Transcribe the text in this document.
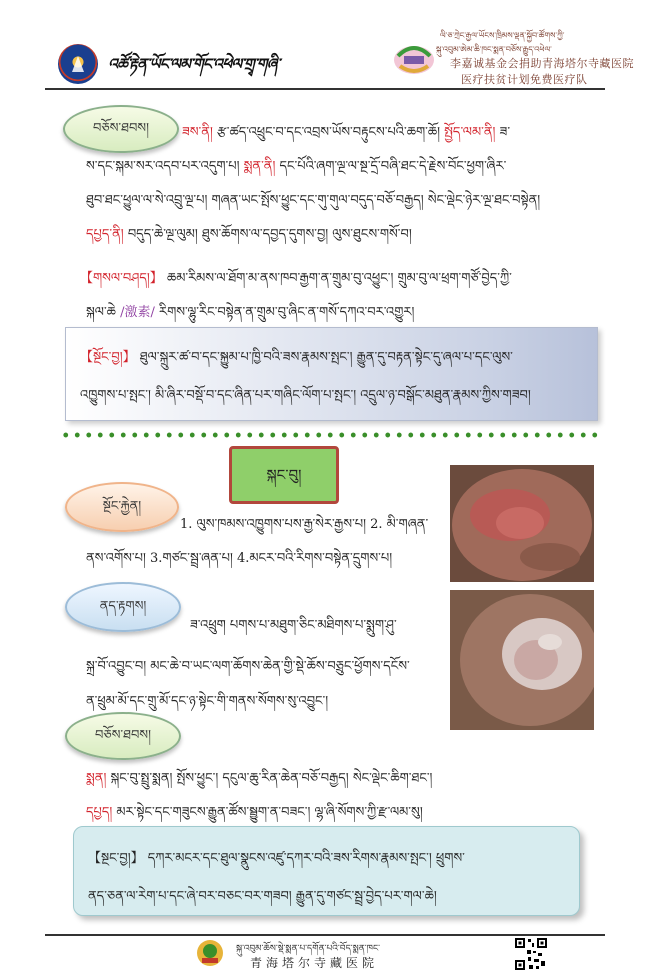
འཚོ་རྟེན་ཡོང་ལམ་གོང་འཕེལ་གྲྭ་གཞི་
ལི་ཅ་ཀྲེང་རྒྱལ་ཡོངས་ཁྲིམས་ལྡན་སྐྱོབ་ཚོགས་ཀྱི་
སྐུ་འབུམ་ཨེམ་ཆི་ཁང་སྨན་བཅོས་རྒྱུད་འཕེལ་
李嘉诚基金会捐助青海塔尔寺藏医院
医疗扶贫计划免费医疗队
བཅོས་ཐབས།	ཟས་ནི། རྩ་ཚད་འཕྲུང་བ་དང་འབྲས་ཡོས་བརྟུངས་པའི་ཆག་ཆོ། སྤྱོད་ལམ་ནི། ཟ་
ས་དང་སྐམ་སར་འདབ་པར་འདུག་པ། སྨན་ནི། དང་པོའི་ཞག་ལྔ་ལ་སྔ་དྲོ་བཞི་ཐང་དེ་རྗེས་བོང་ཕྱག་ཞིར་
ཐུབ་ཐང་ཕྱུལ་ལ་སེ་འབྲུ་ལྔ་པ། གཞན་ཡང་སྤོས་ཕྱུང་དང་གུ་གུལ་བདུད་བཅོ་བརྒྱད། སེང་ལྡེང་ཉེར་ལྔ་ཐང་བསྟེན།
དཔྱད་ནི། བདུད་ཆེ་ལྔ་ལུམ། ཐུས་ཆོགས་ལ་དབྱད་དུགས་བྱ། ལུས་ཐུངས་གསོ་བ།
【གསལ་བཤད།】 ཆམ་རིམས་ལ་ཐོག་མ་ནས་ཁབ་རྒྱག་ན་གྲུམ་བུ་འཕྱུང་། གྲུམ་བུ་ལ་ཕྲག་གཙོ་བྱེད་ཀྱི་
སྐལ་ཆེ /激素/ རིགས་ལྷུ་རིང་བསྟེན་ན་གྲུམ་བུ་ཞིང་ན་གསོ་དཀའ་བར་འགྱུར།
【སྔོང་བྱ།】 ཐུལ་སྐྲུར་ཚ་བ་དང་སྐྱུམ་པ་ཁྱི་བའི་ཟས་རྣམས་སྤང་། རྒྱུན་དུ་བརྟན་སྟེང་དུ་ཞལ་པ་དང་ལུས་
འཁྱུགས་པ་སྤང་། མི་ཞིར་བསྡོ་བ་དང་ཞིན་པར་གཞིང་ལོག་པ་སྤང་། འདྲུལ་ཉ་བསྒོང་མཐུན་རྣམས་ཀྱིས་གཟབ།
སྐང་བུ།
སྔོང་རྐྱེན།
1. ལུས་ཁམས་འཁྱུགས་པས་རྒྱ་སེར་རྒྱས་པ། 2. མི་གཞན་
ནས་འགོས་པ། 3.གཙང་སྦྲ་ཞན་པ། 4.མངར་བའི་རིགས་བསྟེན་དྲུགས་པ།
ནད་རྟགས།
ཟ་འཕྲུག པགས་པ་མཐུག་ཅིང་མཐིགས་པ་སྨུག་ཤུ་
སྐྲ་བོ་འབྱུང་བ། མང་ཆེ་བ་ཡང་ལག་ཆོགས་ཆེན་གྱི་སྡེ་ཆོས་བཅྲུང་ཕྱོགས་དངོས་
ན་ཕྲུམ་མོ་དང་གྲུ་མོ་དང་ཉ་སྟེང་གི་གནས་སོགས་སུ་འབྱུང་།
བཅོས་ཐབས།
སྨན། སྐང་བུ་སྤྲུ་སྨན། སྤོས་ཕྱུང་། དངུལ་ཆུ་རིན་ཆེན་བཅོ་བརྒྱད། སེང་ལྡེང་ཆིག་ཐང་།
དཔྱད། མར་སྟེང་དང་གཟུངས་རྒྱུན་ཚོས་སྦྱུག་ན་བཟང་། ལྷ་ཞི་སོགས་ཀྱི་རྫ་ལམ་སུ།
【སྔང་བྱ།】 དཀར་མངར་དང་ཐུལ་སྣུངས་འཛུ་དཀར་བའི་ཟས་རིགས་རྣམས་སྤང་། ཕྲུགས་
ནད་ཅན་ལ་རེག་པ་དང་ཞེ་བར་བཅང་བར་གཟབ། རྒྱུན་དུ་གཙང་སྦྲ་བྱེད་པར་གལ་ཆེ།
སྐུ་འབུམ་ཆོས་སྡེ་སྨན་པ་དགོན་པའི་བོད་སྨན་ཁང་
青海塔尔寺藏医院
